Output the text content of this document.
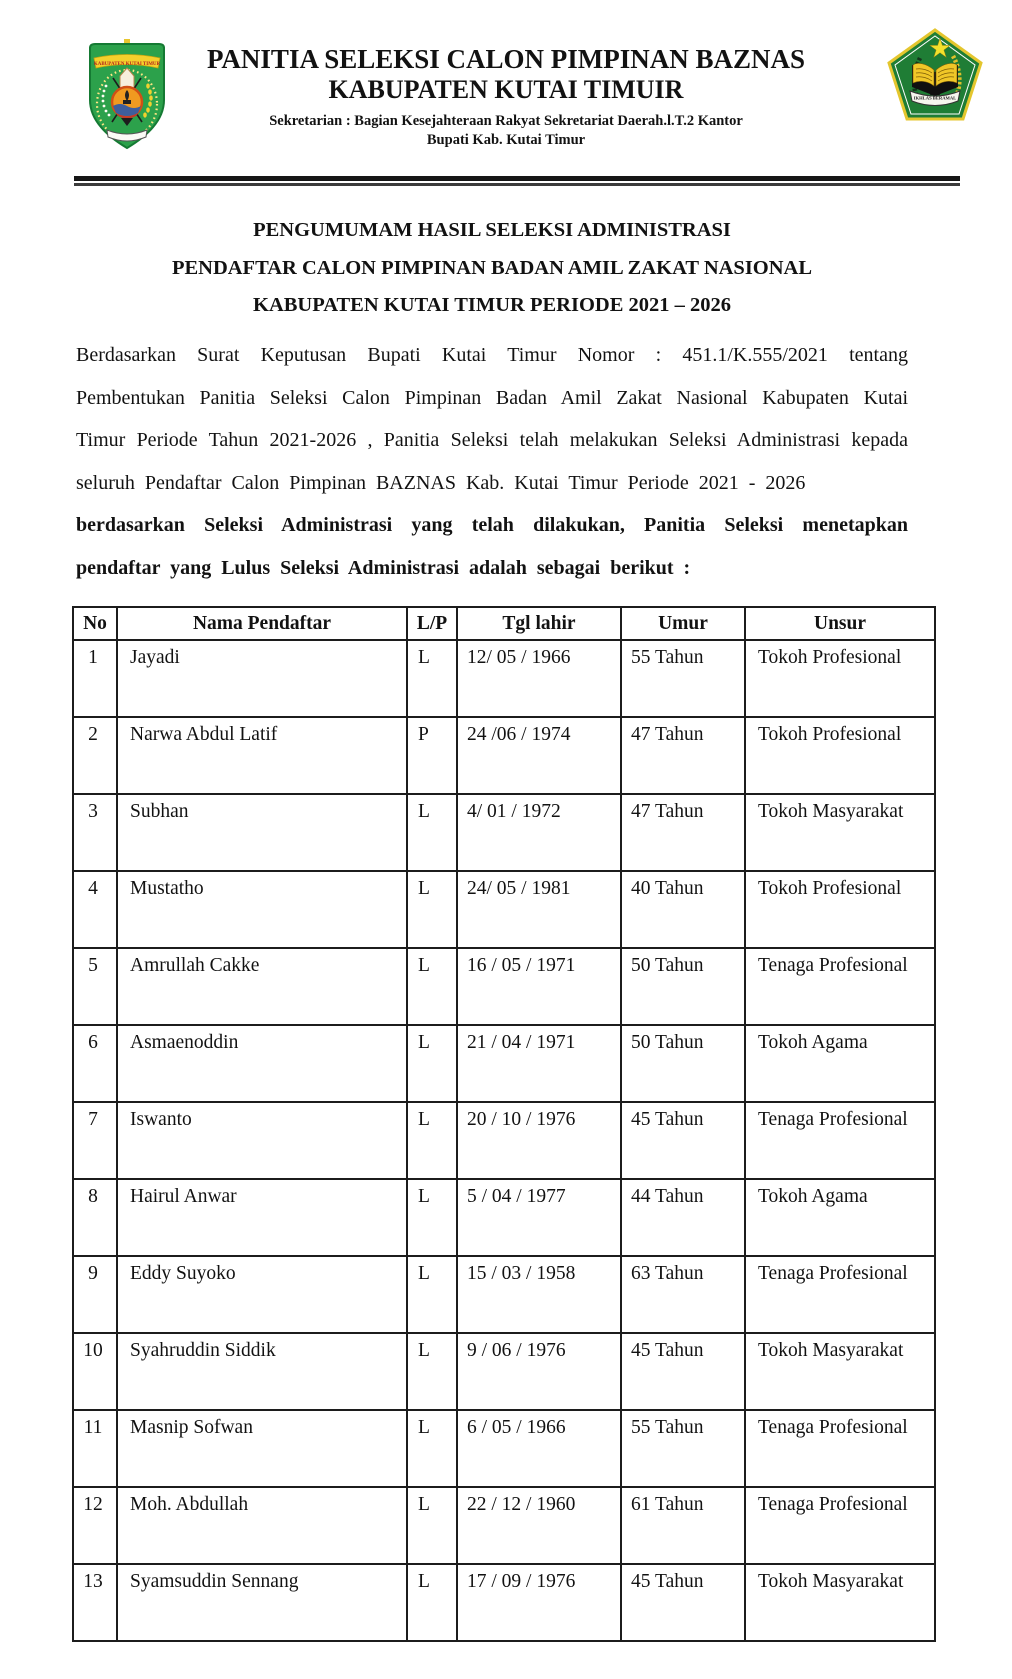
KABUPATEN KUTAI TIMUR
IKHLAS BERAMAL
PANITIA SELEKSI CALON PIMPINAN BAZNAS
KABUPATEN KUTAI TIMUIR
Sekretarian : Bagian Kesejahteraan Rakyat Sekretariat Daerah.l.T.2 Kantor
Bupati Kab. Kutai Timur
PENGUMUMAM HASIL SELEKSI ADMINISTRASI
PENDAFTAR CALON PIMPINAN BADAN AMIL ZAKAT NASIONAL
KABUPATEN KUTAI TIMUR PERIODE 2021 – 2026

Berdasarkan Surat Keputusan Bupati Kutai Timur Nomor : 451.1/K.555/2021 tentang Pembentukan Panitia Seleksi Calon Pimpinan Badan Amil Zakat Nasional Kabupaten Kutai Timur Periode Tahun 2021-2026 , Panitia Seleksi telah melakukan Seleksi Administrasi kepada seluruh Pendaftar Calon Pimpinan BAZNAS Kab. Kutai Timur Periode 2021 - 2026

berdasarkan Seleksi Administrasi yang telah dilakukan, Panitia Seleksi menetapkan pendaftar yang Lulus Seleksi Administrasi adalah sebagai berikut :

No	Nama Pendaftar	L/P	Tgl lahir	Umur	Unsur
1	Jayadi	L	12/ 05 / 1966	55 Tahun	Tokoh Profesional
2	Narwa Abdul Latif	P	24 /06 / 1974	47 Tahun	Tokoh Profesional
3	Subhan	L	4/ 01 / 1972	47 Tahun	Tokoh Masyarakat
4	Mustatho	L	24/ 05 / 1981	40 Tahun	Tokoh Profesional
5	Amrullah Cakke	L	16 / 05 / 1971	50 Tahun	Tenaga Profesional
6	Asmaenoddin	L	21 / 04 / 1971	50 Tahun	Tokoh Agama
7	Iswanto	L	20 / 10 / 1976	45 Tahun	Tenaga Profesional
8	Hairul Anwar	L	5 / 04 / 1977	44 Tahun	Tokoh Agama
9	Eddy Suyoko	L	15 / 03 / 1958	63 Tahun	Tenaga Profesional
10	Syahruddin Siddik	L	9 / 06 / 1976	45 Tahun	Tokoh Masyarakat
11	Masnip Sofwan	L	6 / 05 / 1966	55 Tahun	Tenaga Profesional
12	Moh. Abdullah	L	22 / 12 / 1960	61 Tahun	Tenaga Profesional
13	Syamsuddin Sennang	L	17 / 09 / 1976	45 Tahun	Tokoh Masyarakat
